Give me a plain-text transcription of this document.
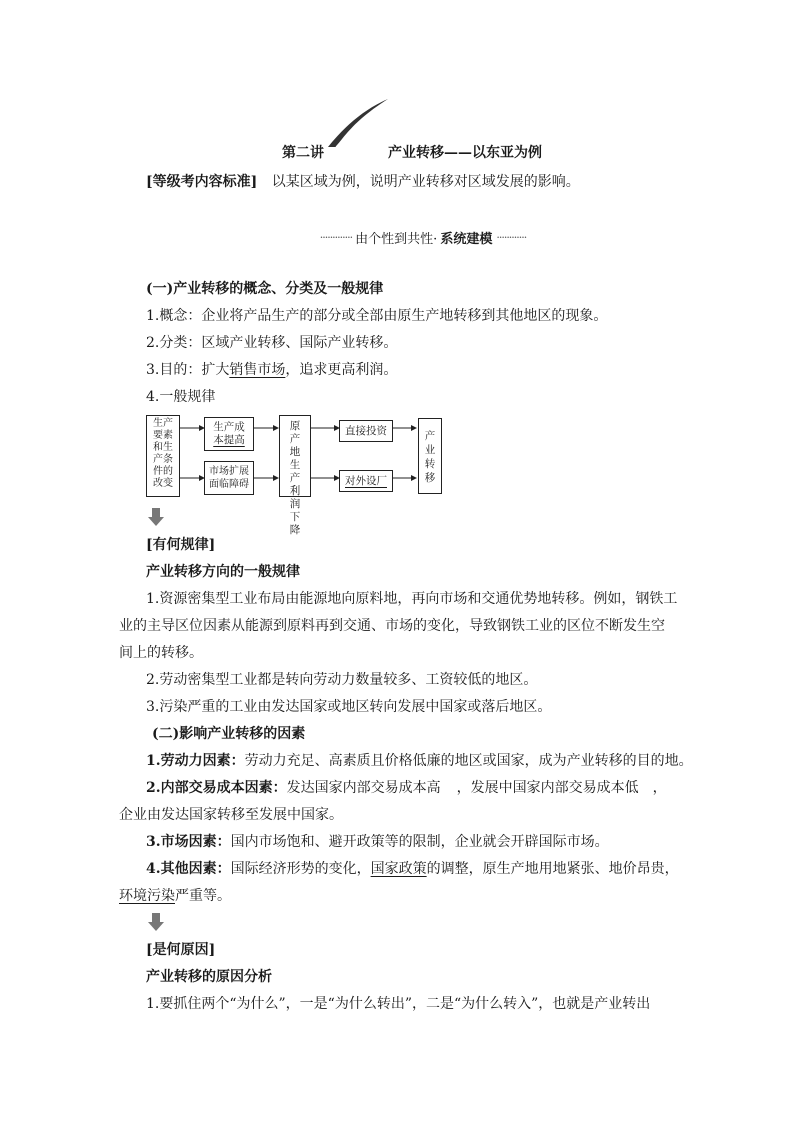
第二讲	产业转移——以东亚为例
[等级考内容标准] 以某区域为例，说明产业转移对区域发展的影响。
············· 由个性到共性· 系统建模 ············
(一)产业转移的概念、分类及一般规律
1.概念：企业将产品生产的部分或全部由原生产地转移到其他地区的现象。
2.分类：区域产业转移、国际产业转移。
3.目的：扩大销售市场，追求更高利润。
4.一般规律
生产要素和生产条件的改变
生产成
本提高
市场扩展
面临障碍
原产地生产利润下降
直接投资
对外设厂
产业转移
[有何规律]
产业转移方向的一般规律
1.资源密集型工业布局由能源地向原料地，再向市场和交通优势地转移。例如，钢铁工
业的主导区位因素从能源到原料再到交通、市场的变化，导致钢铁工业的区位不断发生空
间上的转移。
2.劳动密集型工业都是转向劳动力数量较多、工资较低的地区。
3.污染严重的工业由发达国家或地区转向发展中国家或落后地区。
(二)影响产业转移的因素
1.劳动力因素：劳动力充足、高素质且价格低廉的地区或国家，成为产业转移的目的地。
2.内部交易成本因素：发达国家内部交易成本高 ，发展中国家内部交易成本低 ，
企业由发达国家转移至发展中国家。
3.市场因素：国内市场饱和、避开政策等的限制，企业就会开辟国际市场。
4.其他因素：国际经济形势的变化，国家政策的调整，原生产地用地紧张、地价昂贵，
环境污染严重等。
[是何原因]
产业转移的原因分析
1.要抓住两个“为什么”，一是“为什么转出”，二是“为什么转入”，也就是产业转出
